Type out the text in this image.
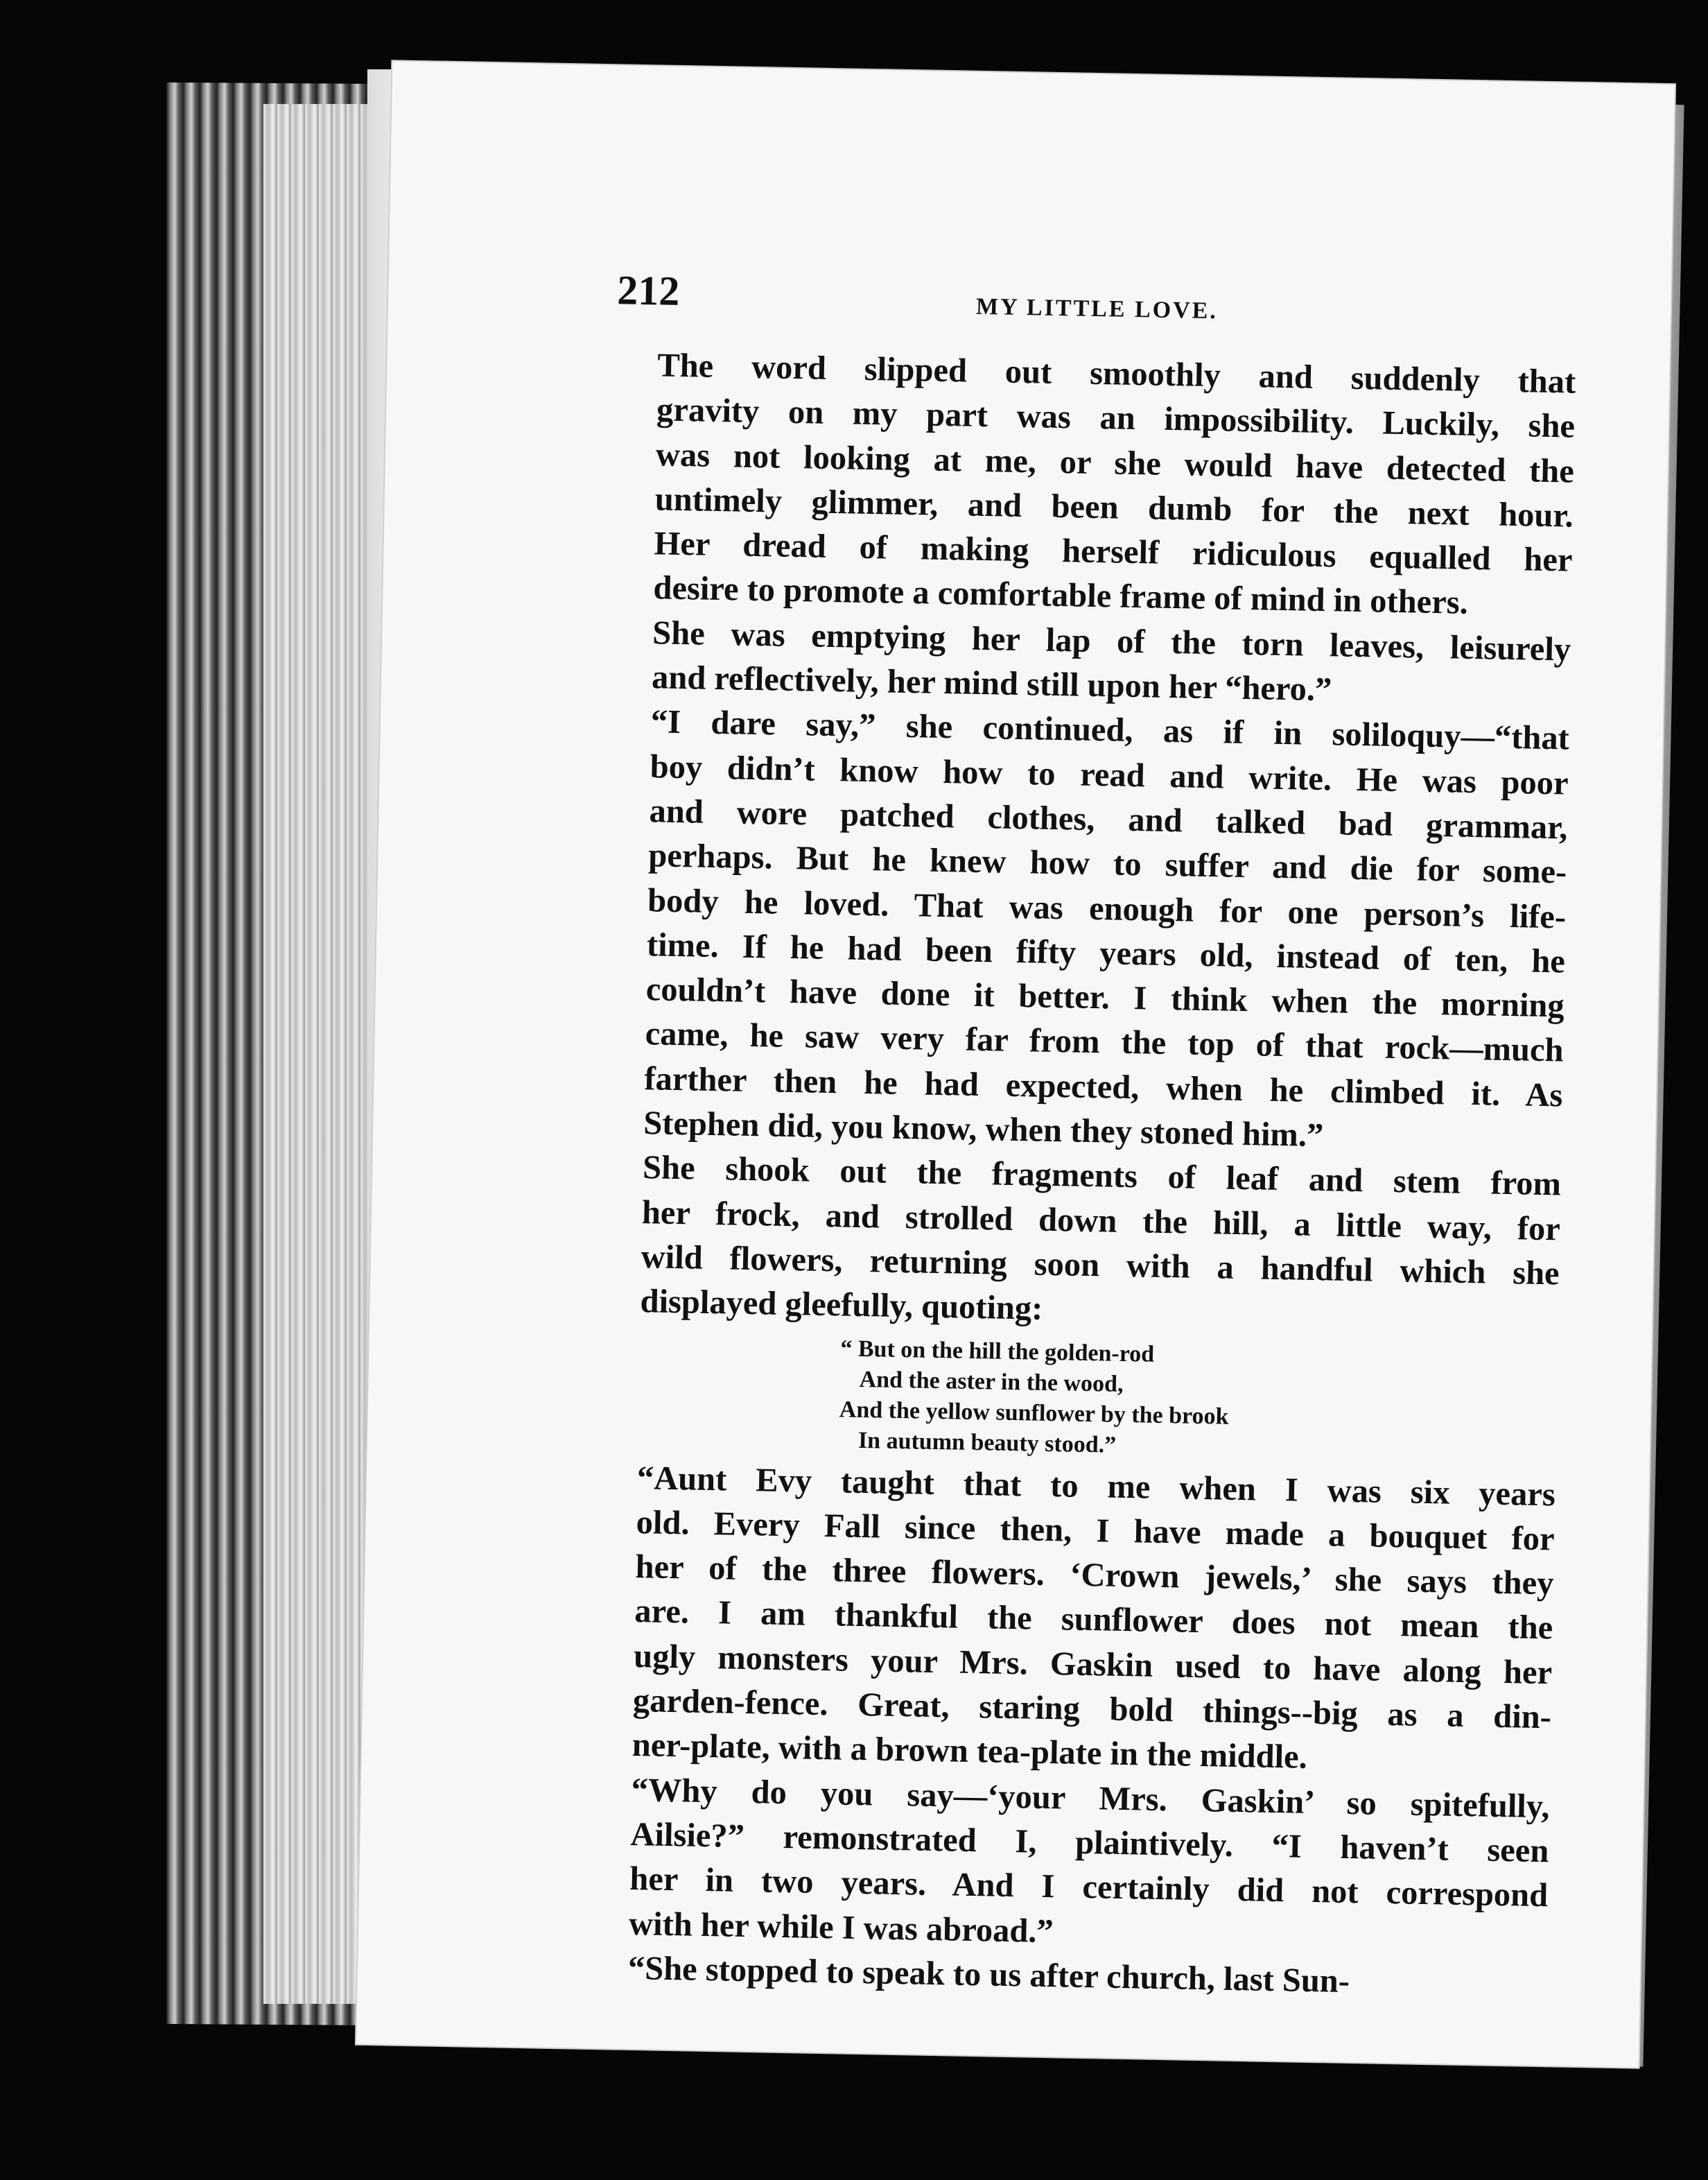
212	MY LITTLE LOVE.

The word slipped out smoothly and suddenly that
gravity on my part was an impossibility. Luckily, she
was not looking at me, or she would have detected the
untimely glimmer, and been dumb for the next hour.
Her dread of making herself ridiculous equalled her
desire to promote a comfortable frame of mind in others.

She was emptying her lap of the torn leaves, leisurely
and reflectively, her mind still upon her “hero.”

“I dare say,” she continued, as if in soliloquy—“that
boy didn’t know how to read and write. He was poor
and wore patched clothes, and talked bad grammar,
perhaps. But he knew how to suffer and die for some-
body he loved. That was enough for one person’s life-
time. If he had been fifty years old, instead of ten, he
couldn’t have done it better. I think when the morning
came, he saw very far from the top of that rock—much
farther then he had expected, when he climbed it. As
Stephen did, you know, when they stoned him.”

She shook out the fragments of leaf and stem from
her frock, and strolled down the hill, a little way, for
wild flowers, returning soon with a handful which she
displayed gleefully, quoting:

“ But on the hill the golden-rod
And the aster in the wood,
And the yellow sunflower by the brook
In autumn beauty stood.”

“Aunt Evy taught that to me when I was six years
old. Every Fall since then, I have made a bouquet for
her of the three flowers. ‘Crown jewels,’ she says they
are. I am thankful the sunflower does not mean the
ugly monsters your Mrs. Gaskin used to have along her
garden-fence. Great, staring bold things--big as a din-
ner-plate, with a brown tea-plate in the middle.

“Why do you say—‘your Mrs. Gaskin’ so spitefully,
Ailsie?” remonstrated I, plaintively. “I haven’t seen
her in two years. And I certainly did not correspond
with her while I was abroad.”

“She stopped to speak to us after church, last Sun-
